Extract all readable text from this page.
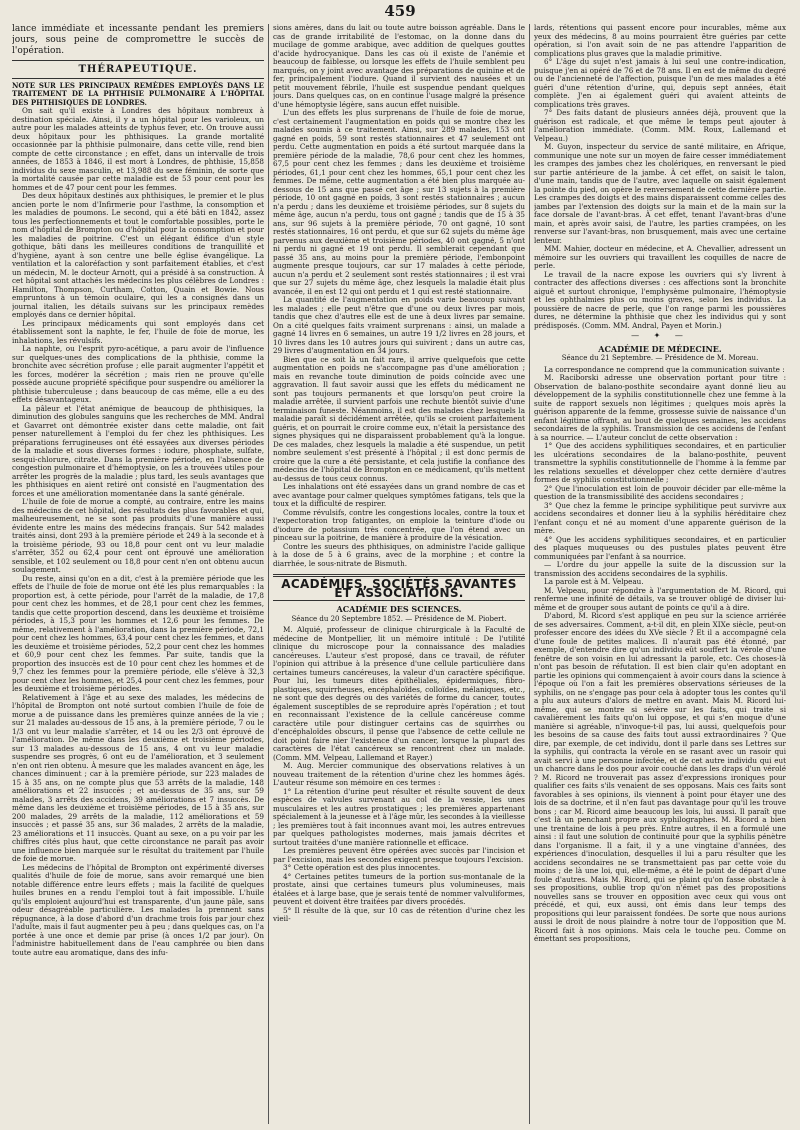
459

lance immédiate et incessante pendant les premiers jours, sous peine de compromettre le succès de l'opération.

THÉRAPEUTIQUE.

NOTE SUR LES PRINCIPAUX REMÈDES EMPLOYÉS DANS LE TRAITEMENT DE LA PHTHISIE PULMONAIRE À L'HÔPITAL DES PHTHISIQUES DE LONDRES.

On sait qu'il existe à Londres des hôpitaux nombreux à destination spéciale. Ainsi, il y a un hôpital pour les varioleux, un autre pour les malades atteints de typhus fever, etc. On trouve aussi deux hôpitaux pour les phthisiques. La grande mortalité occasionnée par la phthisie pulmonaire, dans cette ville, rend bien compte de cette circonstance ; en effet, dans un intervalle de trois années, de 1853 à 1846, il est mort à Londres, de phthisie, 15,858 individus du sexe masculin, et 13,988 du sexe féminin, de sorte que la mortalité causée par cette maladie est de 53 pour cent pour les hommes et de 47 pour cent pour les femmes.

Des deux hôpitaux destinés aux phthisiques, le premier et le plus ancien porte le nom d'Infirmerie pour l'asthme, la consomption et les maladies de poumons. Le second, qui a été bâti en 1842, assez tous les perfectionnements et tout le comfortable possibles, porte le nom d'hôpital de Brompton ou d'hôpital pour la consomption et pour les maladies de poitrine. C'est un élégant édifice d'un style gothique, bâti dans les meilleures conditions de tranquillité et d'hygiène, ayant à son centre une belle église évangélique. La ventilation et la caloréfaction y sont parfaitement établies, et c'est un médecin, M. le docteur Arnott, qui a présidé à sa construction. À cet hôpital sont attachés les médecins les plus célèbres de Londres : Hamilton, Thompson, Curtham, Cotton, Quain et Bowie. Nous empruntons à un témoin oculaire, qui les a consignés dans un journal italien, les détails suivans sur les principaux remèdes employés dans ce dernier hôpital.

Les principaux médicaments qui sont employés dans cet établissement sont la naphte, le fer, l'huile de foie de morue, les inhalations, les révulsifs.

La naphte, ou l'esprit pyro-acétique, a paru avoir de l'influence sur quelques-unes des complications de la phthisie, comme la bronchite avec sécrétion profuse ; elle parait augmenter l'appétit et les forces, modérer la sécrétion ; mais rien ne prouve qu'elle possède aucune propriété spécifique pour suspendre ou améliorer la phthisie tuberculeuse ; dans beaucoup de cas même, elle a eu des effets désavantageux.

La pâleur et l'état anémique de beaucoup de phthisiques, la diminution des globules sanguins que les recherches de MM. Andral et Gavarret ont démontrée exister dans cette maladie, ont fait penser naturellement à l'emploi du fer chez les phthisiques. Les préparations ferrugineuses ont été essayées aux diverses périodes de la maladie et sous diverses formes : iodure, phosphate, sulfate, sesqui-chlorure, citrate. Dans la première période, en l'absence de congestion pulmonaire et d'hémoptysie, on les a trouvées utiles pour arrêter les progrès de la maladie ; plus tard, les seuls avantages que les phthisiques en aient retiré ont consisté en l'augmentation des forces et une amélioration momentanée dans la santé générale.

L'huile de foie de morue a compté, au contraire, entre les mains des médecins de cet hôpital, des résultats des plus favorables et qui, malheureusement, ne se sont pas produits d'une manière aussi évidente entre les mains des médecins français. Sur 542 malades traités ainsi, dont 293 à la première période et 249 à la seconde et à la troisième période, 93 ou 18,8 pour cent ont vu leur maladie s'arrêter, 352 ou 62,4 pour cent ont éprouvé une amélioration sensible, et 102 seulement ou 18,8 pour cent n'en ont obtenu aucun soulagement.

Du reste, ainsi qu'on en a dit, c'est à la première période que les effets de l'huile de foie de morue ont été les plus remarquables : la proportion est, à cette période, pour l'arrêt de la maladie, de 17,8 pour cent chez les hommes, et de 28,1 pour cent chez les femmes, tandis que cette proportion descend, dans les deuxième et troisième périodes, à 15,3 pour les hommes et 12,6 pour les femmes. De même, relativement à l'amélioration, dans la première période, 72,1 pour cent chez les hommes, 63,4 pour cent chez les femmes, et dans les deuxième et troisième périodes, 52,2 pour cent chez les hommes et 60,9 pour cent chez les femmes. Par suite, tandis que la proportion des insuccès est de 10 pour cent chez les hommes et de 9,7 chez les femmes pour la première période, elle s'élève à 32,3 pour cent chez les hommes, et 25,4 pour cent chez les femmes, pour les deuxième et troisième périodes.

Relativement à l'âge et au sexe des malades, les médecins de l'hôpital de Brompton ont noté surtout combien l'huile de foie de morue a de puissance dans les premières quinze années de la vie ; sur 21 malades au-dessous de 15 ans, à la première période, 7 ou le 1/3 ont vu leur maladie s'arrêter, et 14 ou les 2/3 ont éprouvé de l'amélioration. De même dans les deuxième et troisième périodes, sur 13 malades au-dessous de 15 ans, 4 ont vu leur maladie suspendre ses progrès, 6 ont eu de l'amélioration, et 3 seulement n'en ont rien obtenu. À mesure que les malades avancent en âge, les chances diminuent ; car à la première période, sur 223 malades de 15 à 35 ans, on ne compte plus que 53 arrêts de la maladie, 148 améliorations et 22 insuccès ; et au-dessus de 35 ans, sur 59 malades, 3 arrêts des accidens, 39 améliorations et 7 insuccès. De même dans les deuxième et troisième périodes, de 15 à 35 ans, sur 200 malades, 29 arrêts de la maladie, 112 améliorations et 59 insuccès ; et passé 35 ans, sur 36 malades, 2 arrêts de la maladie, 23 améliorations et 11 insuccès. Quant au sexe, on a pu voir par les chiffres cités plus haut, que cette circonstance ne paraît pas avoir une influence bien marquée sur le résultat du traitement par l'huile de foie de morue.

Les médecins de l'hôpital de Brompton ont expérimenté diverses qualités d'huile de foie de morue, sans avoir remarqué une bien notable différence entre leurs effets ; mais la facilité de quelques huiles brunes en a rendu l'emploi tout à fait impossible. L'huile qu'ils emploient aujourd'hui est transparente, d'un jaune pâle, sans odeur désagréable particulière. Les malades la prennent sans répugnance, à la dose d'abord d'un drachme trois fois par jour chez l'adulte, mais il faut augmenter peu à peu ; dans quelques cas, on l'a portée à une once et demie par prise (à onces 1/2 par jour). On l'administre habituellement dans de l'eau camphrée ou bien dans toute autre eau aromatique, dans des infu-

sions amères, dans du lait ou toute autre boisson agréable. Dans le cas de grande irritabilité de l'estomac, on la donne dans du mucilage de gomme arabique, avec addition de quelques gouttes d'acide hydrocyanique. Dans les cas où il existe de l'anémie et beaucoup de faiblesse, ou lorsque les effets de l'huile semblent peu marqués, on y joint avec avantage des préparations de quinine et de fer, principalement l'iodure. Quand il survient des nausées et un petit mouvement fébrile, l'huile est suspendue pendant quelques jours. Dans quelques cas, on en continue l'usage malgré la présence d'une hémoptysie légère, sans aucun effet nuisible.

L'un des effets les plus surprenans de l'huile de foie de morue, c'est certainement l'augmentation en poids qui se montre chez les malades soumis à ce traitement. Ainsi, sur 289 malades, 153 ont gagné en poids, 59 sont restés stationnaires et 47 seulement ont perdu. Cette augmentation en poids a été surtout marquée dans la première période de la maladie, 78,6 pour cent chez les hommes, 67,5 pour cent chez les femmes ; dans les deuxième et troisième périodes, 61,1 pour cent chez les hommes, 65,1 pour cent chez les femmes. De même, cette augmentation a été bien plus marquée au-dessous de 15 ans que passé cet âge ; sur 13 sujets à la première période, 10 ont gagné en poids, 3 sont restés stationnaires ; aucun n'a perdu ; dans les deuxième et troisième périodes, sur 8 sujets du même âge, aucun n'a perdu, tous ont gagné ; tandis que de 15 à 35 ans, sur 96 sujets à la première période, 70 ont gagné, 10 sont restés stationnaires, 16 ont perdu, et que sur 62 sujets du même âge parvenus aux deuxième et troisième périodes, 40 ont gagné, 5 n'ont ni perdu ni gagné et 19 ont perdu. Il semblerait cependant que passé 35 ans, au moins pour la première période, l'embonpoint augmente presque toujours, car sur 17 malades à cette période, aucun n'a perdu et 2 seulement sont restés stationnaires ; il est vrai que sur 27 sujets du même âge, chez lesquels la maladie était plus avancée, il en est 12 qui ont perdu et 1 qui est resté stationnaire.

La quantité de l'augmentation en poids varie beaucoup suivant les malades ; elle peut n'être que d'une ou deux livres par mois, tandis que chez d'autres elle est de une à deux livres par semaine. On a cité quelques faits vraiment surprenans : ainsi, un malade a gagné 14 livres en 6 semaines, un autre 19 1/2 livres en 28 jours, et 10 livres dans les 10 autres jours qui suivirent ; dans un autre cas, 29 livres d'augmentation en 34 jours.

Bien que ce soit là un fait rare, il arrive quelquefois que cette augmentation en poids ne s'accompagne pas d'une amélioration ; mais en revanche toute diminution de poids coïncide avec une aggravation. Il faut savoir aussi que les effets du médicament ne sont pas toujours permanents et que lorsqu'on peut croire la maladie arrêtée, il survient parfois une rechute bientôt suivie d'une terminaison funeste. Néanmoins, il est des malades chez lesquels la maladie paraît si décidément arrêtée, qu'ils se croient parfaitement guéris, et on pourrait le croire comme eux, n'était la persistance des signes physiques qui ne disparaissent probablement qu'à la longue. De ces malades, chez lesquels la maladie a été suspendue, un petit nombre seulement s'est présenté à l'hôpital ; il est donc permis de croire que la cure a été persistante, et cela justifie la confiance des médecins de l'hôpital de Brompton en ce médicament, qu'ils mettent au-dessus de tous ceux connus.

Les inhalations ont été essayées dans un grand nombre de cas et avec avantage pour calmer quelques symptômes fatigans, tels que la toux et la difficulté de respirer.

Comme révulsifs, contre les congestions locales, contre la toux et l'expectoration trop fatigantes, on emploie la teinture d'iode ou d'iodure de potassium très concentrée, que l'on étend avec un pinceau sur la poitrine, de manière à produire de la vésication.

Contre les sueurs des phthisiques, on administre l'acide gallique à la dose de 5 à 6 grains, avec de la morphine ; et contre la diarrhée, le sous-nitrate de Bismuth.

ACADÉMIES, SOCIÉTÉS SAVANTES ET ASSOCIATIONS.
ACADÉMIE DES SCIENCES.
Séance du 20 Septembre 1852. — Présidence de M. Piobert.

M. Alquié, professeur de clinique chirurgicale à la Faculté de médecine de Montpellier, lit un mémoire intitulé : De l'utilité clinique du microscope pour la connaissance des maladies cancéreuses. L'auteur s'est proposé, dans ce travail, de réfuter l'opinion qui attribue à la présence d'une cellule particulière dans certaines tumeurs cancéreuses, la valeur d'un caractère spécifique. Pour lui, les tumeurs dites épithéliales, épidermiques, fibro-plastiques, squirrheuses, encéphaloïdes, colloïdes, mélaniques, etc., ne sont que des degrés ou des variétés de forme du cancer, toutes également susceptibles de se reproduire après l'opération ; et tout en reconnaissant l'existence de la cellule cancéreuse comme caractère utile pour distinguer certains cas de squirrhes ou d'encéphaloïdes obscurs, il pense que l'absence de cette cellule ne doit point faire nier l'existence d'un cancer, lorsque la plupart des caractères de l'état cancéreux se rencontrent chez un malade. (Comm. MM. Velpeau, Lallemand et Rayer.)

M. Aug. Mercier communique des observations relatives à un nouveau traitement de la rétention d'urine chez les hommes âgés. L'auteur résume son mémoire en ces termes :

1° La rétention d'urine peut résulter et résulte souvent de deux espèces de valvules survenant au col de la vessie, les unes musculaires et les autres prostatiques ; les premières appartenant spécialement à la jeunesse et à l'âge mûr, les secondes à la vieillesse ; les premières tout à fait inconnues avant moi, les autres entrevues par quelques pathologistes modernes, mais jamais décrites et surtout traitées d'une manière rationnelle et efficace.

Les premières peuvent être opérées avec succès par l'incision et par l'excision, mais les secondes exigent presque toujours l'excision.

3° Cette opération est des plus innocentes.

4° Certaines petites tumeurs de la portion sus-montanale de la prostate, ainsi que certaines tumeurs plus volumineuses, mais étalées et à large base, que je serais tenté de nommer valvuliformes, peuvent et doivent être traitées par divers procédés.

5° Il résulte de là que, sur 10 cas de rétention d'urine chez les vieil-

lards, rétentions qui passent encore pour incurables, même aux yeux des médecins, 8 au moins pourraient être guéries par cette opération, si l'on avait soin de ne pas attendre l'apparition de complications plus graves que la maladie primitive.

6° L'âge du sujet n'est jamais à lui seul une contre-indication, puisque j'en ai opéré de 76 et de 78 ans. Il en est de même du degré ou de l'ancienneté de l'affection, puisque l'un de mes malades a été guéri d'une rétention d'urine, qui, depuis sept années, était complète. J'en ai également guéri qui avaient atteints de complications très graves.

7° Des faits datant de plusieurs années déjà, prouvent que la guérison est radicale, et que même le temps peut ajouter à l'amélioration immédiate. (Comm. MM. Roux, Lallemand et Velpeau.)

M. Guyon, inspecteur du service de santé militaire, en Afrique, communique une note sur un moyen de faire cesser immédiatement les crampes des jambes chez les cholériques, en renversant le pied sur partie antérieure de la jambe. À cet effet, on saisit le talon, d'une main, tandis que de l'autre, avec laquelle on saisit également la pointe du pied, on opère le renversement de cette dernière partie. Les crampes des doigts et des mains disparaissent comme celles des jambes par l'extension des doigts sur la main et de la main sur la face dorsale de l'avant-bras. À cet effet, tenant l'avant-bras d'une main, et après avoir saisi, de l'autre, les parties crampées, on les renverse sur l'avant-bras, non brusquement, mais avec une certaine lenteur.

MM. Mahier, docteur en médecine, et A. Chevallier, adressent un mémoire sur les ouvriers qui travaillent les coquilles de nacre de perle.

Le travail de la nacre expose les ouvriers qui s'y livrent à contracter des affections diverses : ces affections sont la bronchite aiguë et surtout chronique, l'emphysème pulmonaire, l'hémoptysie et les ophthalmies plus ou moins graves, selon les individus. La poussière de nacre de perle, que l'on range parmi les poussières dures, ne détermine la phthisie que chez les individus qui y sont prédisposés. (Comm. MM. Andral, Payen et Morin.)

— ✦ —
ACADÉMIE DE MÉDECINE.
Séance du 21 Septembre. — Présidence de M. Moreau.

La correspondance ne comprend que la communication suivante :

M. Raciborski adresse une observation portant pour titre : Observation de balano-posthite secondaire ayant donné lieu au développement de la syphilis constitutionnelle chez une femme à la suite de rapport sexuels non légitimes ; quelques mois après la guérison apparente de la femme, grossesse suivie de naissance d'un enfant légitime offrant, au bout de quelques semaines, les accidens secondaires de la syphilis. Transmission de ces accidens de l'enfant à sa nourrice. — L'auteur conclut de cette observation :

1° Que des accidens syphilitiques secondaires, et en particulier les ulcérations secondaires de la balano-posthite, peuvent transmettre la syphilis constitutionnelle de l'homme à la femme par les relations sexuelles et développer chez cette dernière d'autres formes de syphilis constitutionnelle ;

2° Que l'inoculation est loin de pouvoir décider par elle-même la question de la transmissibilité des accidens secondaires ;

3° Que chez la femme le principe syphilitique peut survivre aux accidens secondaires et donner lieu à la syphilis héréditaire chez l'enfant conçu et né au moment d'une apparente guérison de la mère.

4° Que les accidens syphilitiques secondaires, et en particulier des plaques muqueuses ou des pustules plates peuvent être communiquées par l'enfant à sa nourrice.

— L'ordre du jour appelle la suite de la discussion sur la transmission des accidens secondaires de la syphilis.

La parole est à M. Velpeau.

M. Velpeau, pour répondre à l'argumentation de M. Ricord, qui renferme une infinité de détails, va se trouver obligé de diviser lui-même et de grouper sous autant de points ce qu'il a à dire.

D'abord, M. Ricord s'est appliqué en peu sur la science arriérée de ses adversaires. Comment, a-t-il dit, en plein XIXe siècle, peut-on professer encore des idées du XVe siècle ? Et il a accompagné cela d'une foule de petites malices. Il n'aurait pas été étonné, par exemple, d'entendre dire qu'un individu eût souffert la vérole d'une fenêtre de son voisin en lui adressant la parole, etc. Ces choses-là n'ont pas besoin de réfutation. Il est bien clair qu'en adoptant en partie les opinions qui commençaient à avoir cours dans la science à l'époque où l'on a fait les premières observations sérieuses de la syphilis, on ne s'engage pas pour cela à adopter tous les contes qu'il a plu aux auteurs d'alors de mettre en avant. Mais M. Ricord lui-même, qui se montre si sévère sur les faits, qui traite si cavalièrement les faits qu'on lui oppose, et qui s'en moque d'une manière si agréable, n'invoque-t-il pas, lui aussi, quelquefois pour les besoins de sa cause des faits tout aussi extraordinaires ? Que dire, par exemple, de cet individu, dont il parle dans ses Lettres sur la syphilis, qui contracta la vérole en se rasant avec un rasoir qui avait servi à une personne infectée, et de cet autre individu qui eut un chancre dans le dos pour avoir couché dans les draps d'un vérolé ? M. Ricord ne trouverait pas assez d'expressions ironiques pour qualifier ces faits s'ils venaient de ses opposans. Mais ces faits sont favorables à ses opinions, ils viennent à point pour étayer une des lois de sa doctrine, et il n'en faut pas davantage pour qu'il les trouve bons ; car M. Ricord aime beaucoup les lois, lui aussi. Il paraît que c'est là un penchant propre aux syphilographes. M. Ricord a bien une trentaine de lois à peu près. Entre autres, il en a formulé une ainsi : il faut une solution de continuité pour que la syphilis pénètre dans l'organisme. Il a fait, il y a une vingtaine d'années, des expériences d'inoculation, desquelles il lui a paru résulter que les accidens secondaires ne se transmettaient pas par cette voie du moins ; de là une loi, qui, elle-même, a été le point de départ d'une foule d'autres. Mais M. Ricord, qui se plaint qu'on fasse obstacle à ses propositions, oublie trop qu'on n'émet pas des propositions nouvelles sans se trouver en opposition avec ceux qui vous ont précédé, et qui, eux aussi, ont émis dans leur temps des propositions qui leur paraissent fondées. De sorte que nous aurions aussi le droit de nous plaindre à notre tour de l'opposition que M. Ricord fait à nos opinions. Mais cela le touche peu. Comme on émettant ses propositions,
